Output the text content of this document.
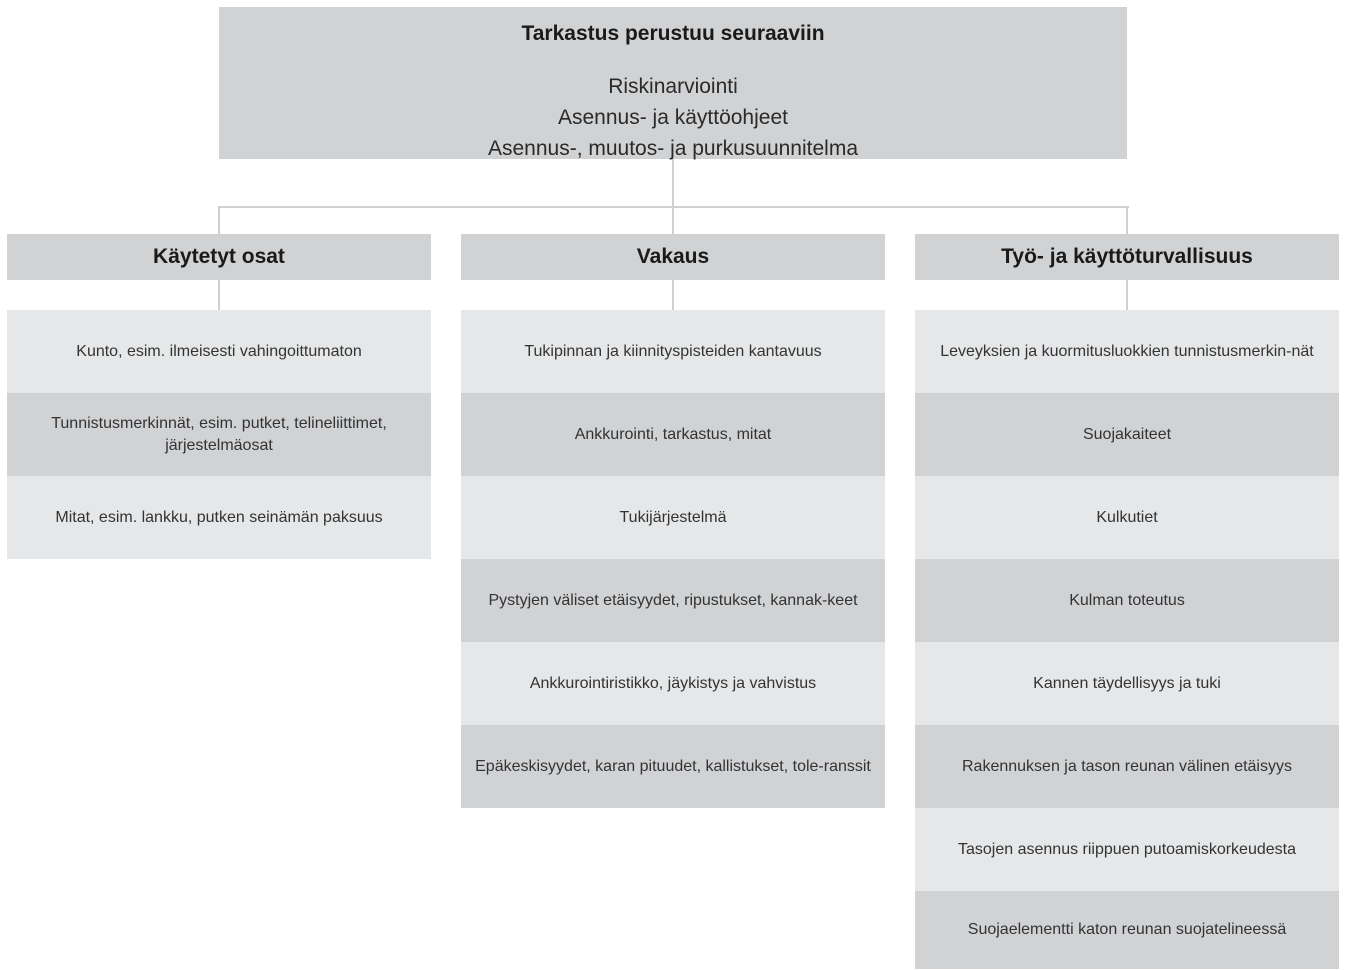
Tarkastus perustuu seuraaviin
Riskinarviointi
Asennus- ja käyttöohjeet
Asennus-, muutos- ja purkusuunnitelma
Käytetyt osat
Kunto, esim. ilmeisesti vahingoittumaton
Tunnistusmerkinnät, esim. putket, telineliittimet, järjestelmäosat
Mitat, esim. lankku, putken seinämän paksuus
Vakaus
Tukipinnan ja kiinnityspisteiden kantavuus
Ankkurointi, tarkastus, mitat
Tukijärjestelmä
Pystyjen väliset etäisyydet, ripustukset, kannak-keet
Ankkurointiristikko, jäykistys ja vahvistus
Epäkeskisyydet, karan pituudet, kallistukset, tole-ranssit
Työ- ja käyttöturvallisuus
Leveyksien ja kuormitusluokkien tunnistusmerkin-nät
Suojakaiteet
Kulkutiet
Kulman toteutus
Kannen täydellisyys ja tuki
Rakennuksen ja tason reunan välinen etäisyys
Tasojen asennus riippuen putoamiskorkeudesta
Suojaelementti katon reunan suojatelineessä
